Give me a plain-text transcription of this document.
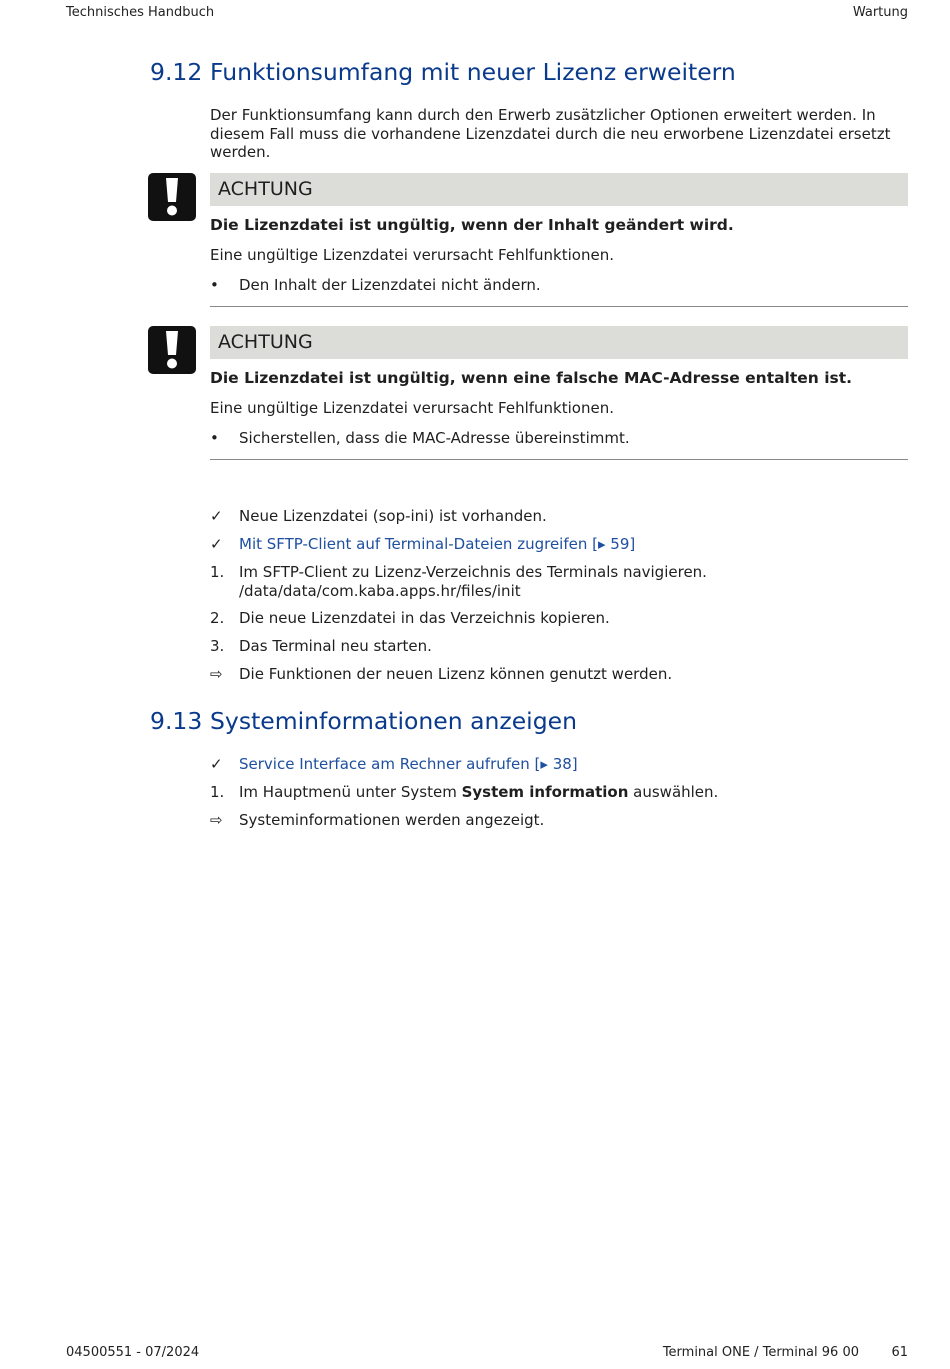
Technisches Handbuch	Wartung
9.12 Funktionsumfang mit neuer Lizenz erweitern
Der Funktionsumfang kann durch den Erwerb zusätzlicher Optionen erweitert werden. In
diesem Fall muss die vorhandene Lizenzdatei durch die neu erworbene Lizenzdatei ersetzt
werden.
ACHTUNG
Die Lizenzdatei ist ungültig, wenn der Inhalt geändert wird.
Eine ungültige Lizenzdatei verursacht Fehlfunktionen.
•	Den Inhalt der Lizenzdatei nicht ändern.
ACHTUNG
Die Lizenzdatei ist ungültig, wenn eine falsche MAC-Adresse entalten ist.
Eine ungültige Lizenzdatei verursacht Fehlfunktionen.
•	Sicherstellen, dass die MAC-Adresse übereinstimmt.
✓	Neue Lizenzdatei (sop-ini) ist vorhanden.
✓	Mit SFTP-Client auf Terminal-Dateien zugreifen [▸ 59]
1. Im SFTP-Client zu Lizenz-Verzeichnis des Terminals navigieren.
/data/data/com.kaba.apps.hr/files/init
2. Die neue Lizenzdatei in das Verzeichnis kopieren.
3. Das Terminal neu starten.
⇨	Die Funktionen der neuen Lizenz können genutzt werden.
9.13 Systeminformationen anzeigen
✓	Service Interface am Rechner aufrufen [▸ 38]
1. Im Hauptmenü unter System System information auswählen.
⇨	Systeminformationen werden angezeigt.
04500551 - 07/2024	Terminal ONE / Terminal 96 00 61
